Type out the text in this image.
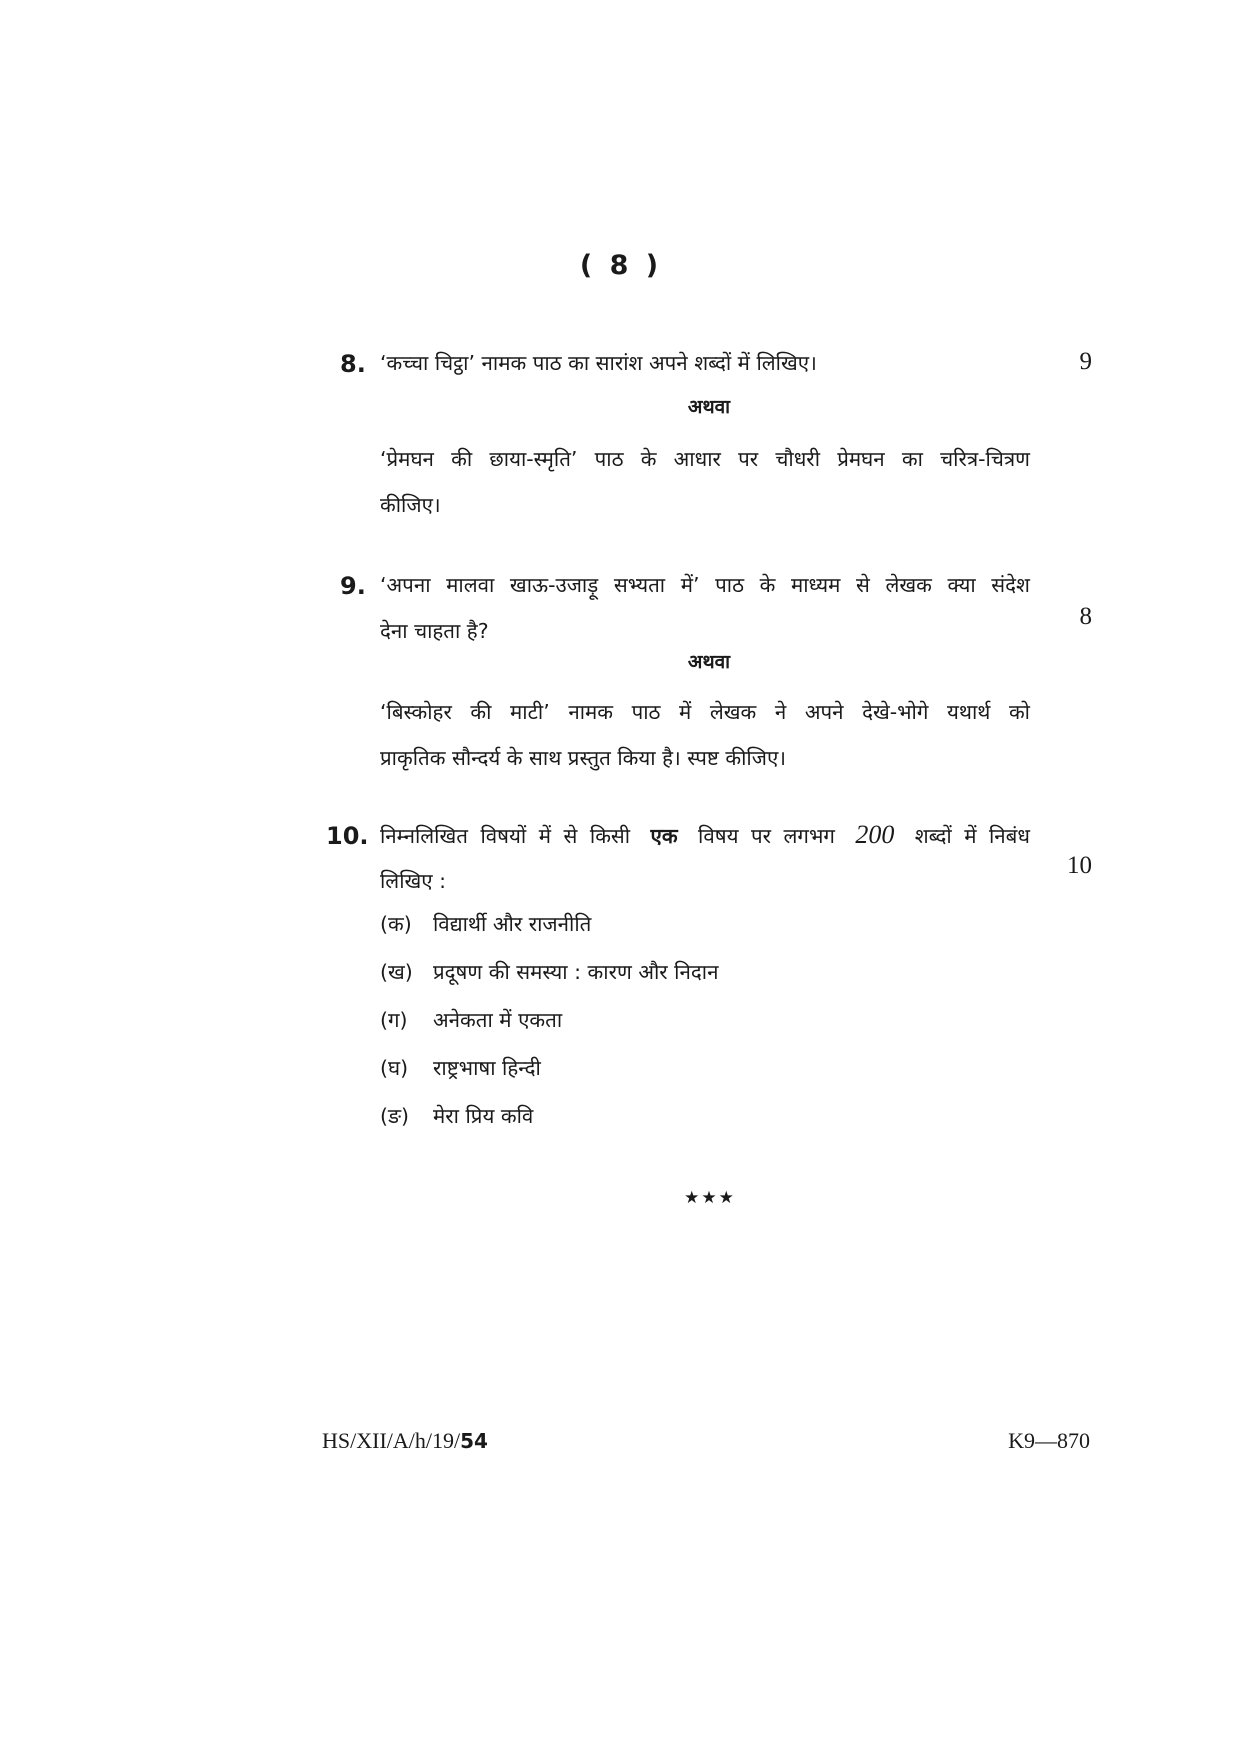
( 8 )
8. ‘कच्चा चिट्ठा’ नामक पाठ का सारांश अपने शब्दों में लिखिए।	9
अथवा
‘प्रेमघन की छाया-स्मृति’ पाठ के आधार पर चौधरी प्रेमघन का चरित्र-चित्रण
कीजिए।
9. ‘अपना मालवा खाऊ-उजाड़ू सभ्यता में’ पाठ के माध्यम से लेखक क्या संदेश
देना चाहता है?
8
अथवा
‘बिस्कोहर की माटी’ नामक पाठ में लेखक ने अपने देखे-भोगे यथार्थ को
प्राकृतिक सौन्दर्य के साथ प्रस्तुत किया है। स्पष्ट कीजिए।
10. निम्नलिखित विषयों में से किसी एक विषय पर लगभग 200 शब्दों में निबंध
लिखिए :
10
(क) विद्यार्थी और राजनीति
(ख) प्रदूषण की समस्या : कारण और निदान
(ग) अनेकता में एकता
(घ) राष्ट्रभाषा हिन्दी
(ङ) मेरा प्रिय कवि
★★★
HS/XII/A/h/19/54	K9—870
